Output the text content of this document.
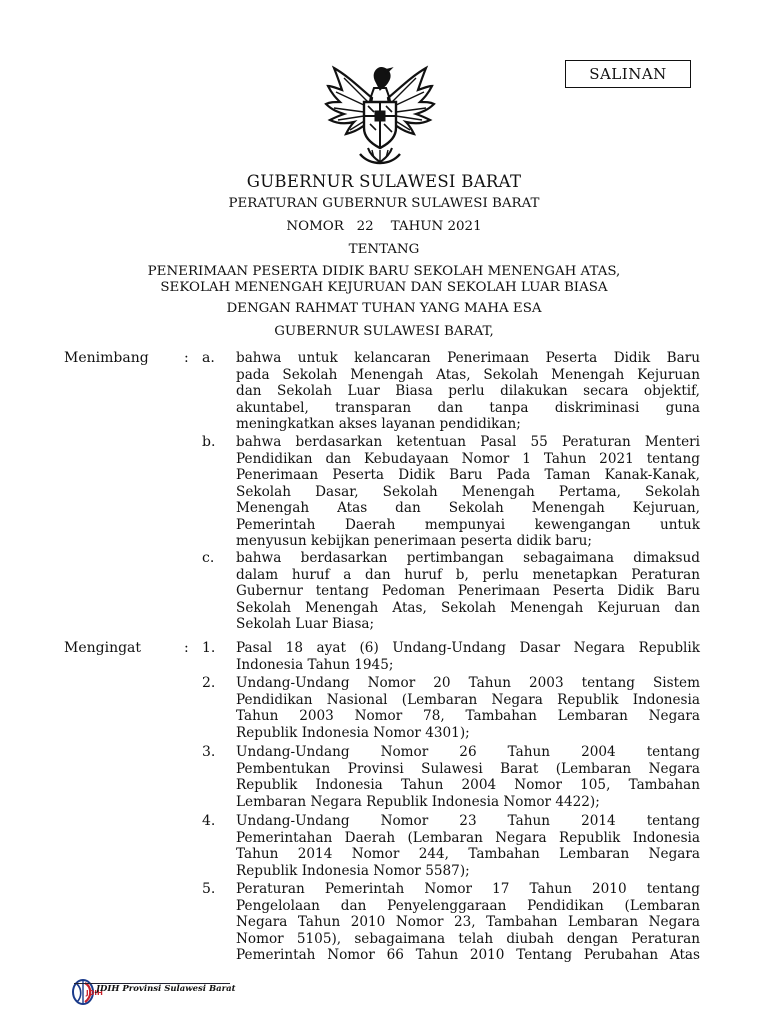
SALINAN
GUBERNUR SULAWESI BARAT
PERATURAN GUBERNUR SULAWESI BARAT
NOMOR   22    TAHUN 2021
TENTANG
PENERIMAAN PESERTA DIDIK BARU SEKOLAH MENENGAH ATAS,
SEKOLAH MENENGAH KEJURUAN DAN SEKOLAH LUAR BIASA
DENGAN RAHMAT TUHAN YANG MAHA ESA
GUBERNUR SULAWESI BARAT,
Menimbang	: a. bahwa untuk kelancaran Penerimaan Peserta Didik Baru
pada Sekolah Menengah Atas, Sekolah Menengah Kejuruan
dan Sekolah Luar Biasa perlu dilakukan secara objektif,
akuntabel, transparan dan tanpa diskriminasi guna
meningkatkan akses layanan pendidikan;
b. bahwa berdasarkan ketentuan Pasal 55 Peraturan Menteri
Pendidikan dan Kebudayaan Nomor 1 Tahun 2021 tentang
Penerimaan Peserta Didik Baru Pada Taman Kanak-Kanak,
Sekolah Dasar, Sekolah Menengah Pertama, Sekolah
Menengah Atas dan Sekolah Menengah Kejuruan,
Pemerintah Daerah mempunyai kewengangan untuk
menyusun kebijkan penerimaan peserta didik baru;
c. bahwa berdasarkan pertimbangan sebagaimana dimaksud
dalam huruf a dan huruf b, perlu menetapkan Peraturan
Gubernur tentang Pedoman Penerimaan Peserta Didik Baru
Sekolah Menengah Atas, Sekolah Menengah Kejuruan dan
Sekolah Luar Biasa;
Mengingat	: 1. Pasal 18 ayat (6) Undang-Undang Dasar Negara Republik
Indonesia Tahun 1945;
2. Undang-Undang Nomor 20 Tahun 2003 tentang Sistem
Pendidikan Nasional (Lembaran Negara Republik Indonesia
Tahun 2003 Nomor 78, Tambahan Lembaran Negara
Republik Indonesia Nomor 4301);
3. Undang-Undang Nomor 26 Tahun 2004 tentang
Pembentukan Provinsi Sulawesi Barat (Lembaran Negara
Republik Indonesia Tahun 2004 Nomor 105, Tambahan
Lembaran Negara Republik Indonesia Nomor 4422);
4. Undang-Undang Nomor 23 Tahun 2014 tentang
Pemerintahan Daerah (Lembaran Negara Republik Indonesia
Tahun 2014 Nomor 244, Tambahan Lembaran Negara
Republik Indonesia Nomor 5587);
5. Peraturan Pemerintah Nomor 17 Tahun 2010 tentang
Pengelolaan dan Penyelenggaraan Pendidikan (Lembaran
Negara Tahun 2010 Nomor 23, Tambahan Lembaran Negara
Nomor 5105), sebagaimana telah diubah dengan Peraturan
Pemerintah Nomor 66 Tahun 2010 Tentang Perubahan Atas
JDIH
JDIH Provinsi Sulawesi Barat
